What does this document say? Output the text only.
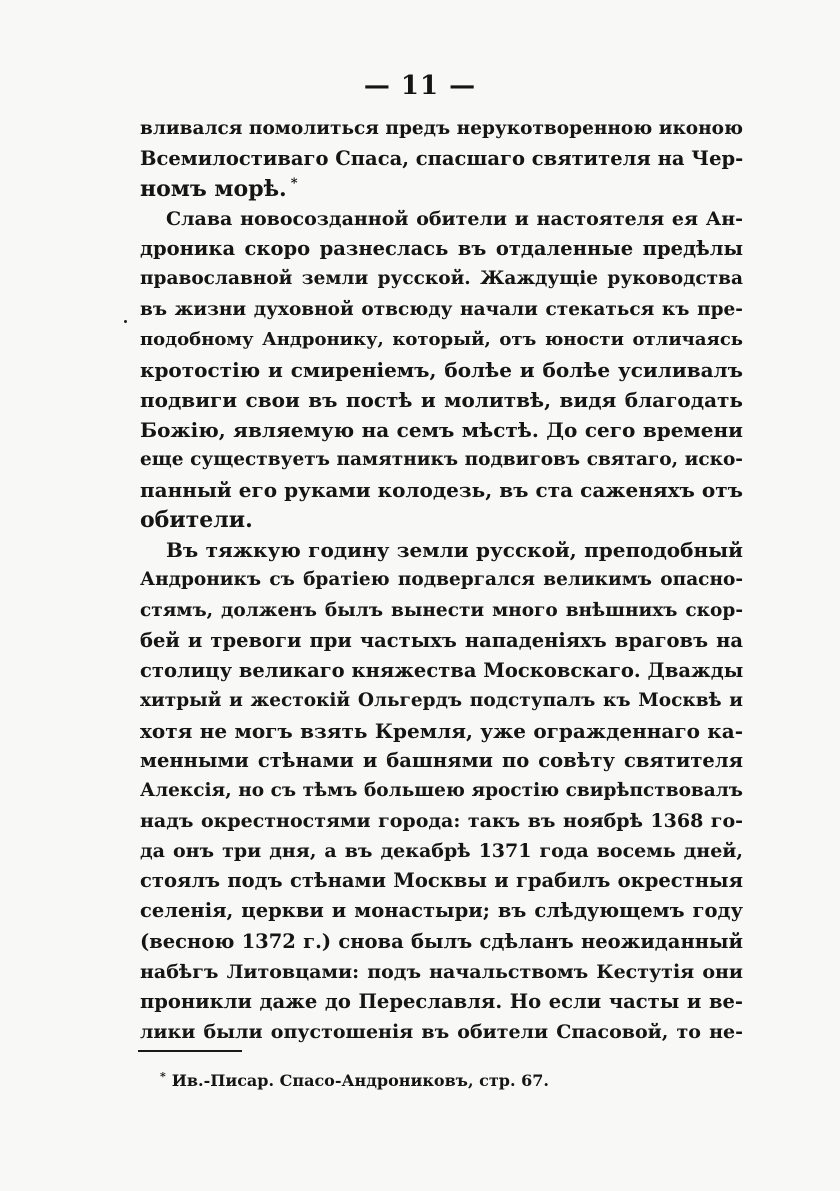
— 11 —
вливался помолиться предъ нерукотвореннoю иконою
Всемилостиваго Спаса, спасшаго святителя на Чер-
номъ морѣ. *
Слава новосозданной обители и настоятеля ея Ан-
дроника скоро разнеслась въ отдаленные предѣлы
православной земли русской. Жаждущіе руководства
въ жизни духовной отвсюду начали стекаться къ пре-
подобному Андронику, который, отъ юности отличаясь
кротостію и смиреніемъ, болѣе и болѣе усиливалъ
подвиги свои въ постѣ и молитвѣ, видя благодать
Божію, являемую на семъ мѣстѣ. До сего времени
еще существуетъ памятникъ подвиговъ святаго, иско-
панный его руками колодезь, въ ста саженяхъ отъ
обители.
Въ тяжкую годину земли русской, преподобный
Андроникъ съ братіею подвергался великимъ опасно-
стямъ, долженъ былъ вынести много внѣшнихъ скор-
бей и тревоги при частыхъ нападеніяхъ враговъ на
столицу великаго княжества Московскаго. Дважды
хитрый и жестокій Ольгердъ подступалъ къ Москвѣ и
хотя не могъ взять Кремля, уже огражденнаго ка-
менными стѣнами и башнями по совѣту святителя
Алексія, но съ тѣмъ большею яростію свирѣпствовалъ
надъ окрестностями города: такъ въ ноябрѣ 1368 го-
да онъ три дня, а въ декабрѣ 1371 года восемь дней,
стоялъ подъ стѣнами Москвы и грабилъ окрестныя
селенія, церкви и монастыри; въ слѣдующемъ году
(весною 1372 г.) снова былъ сдѣланъ неожиданный
набѣгъ Литовцами: подъ начальствомъ Кестутія они
проникли даже до Переславля. Но если часты и ве-
лики были опустошенія въ обители Спасовой, то не-
* Ив.-Писар. Спасо-Андрониковъ, стр. 67.
